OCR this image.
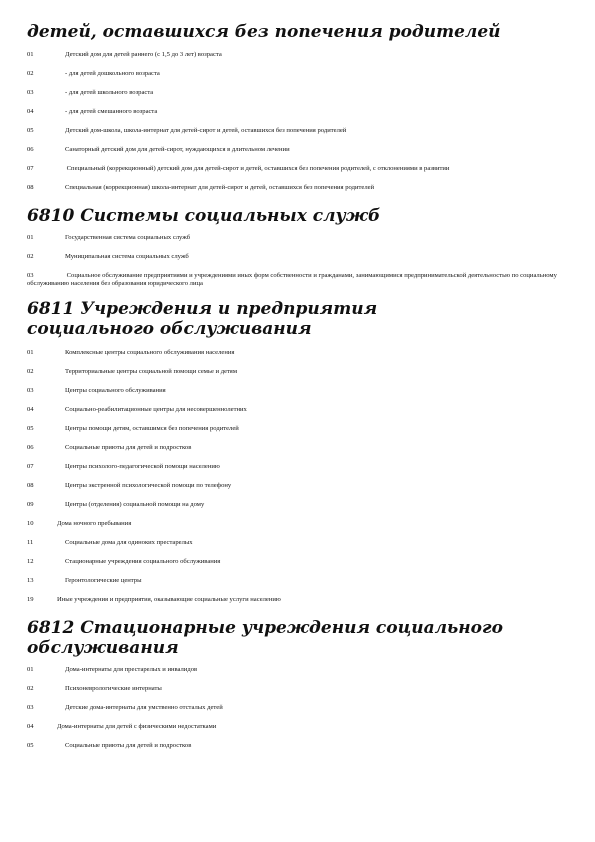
детей, оставшихся без попечения родителей
01	Детский дом для детей раннего (с 1,5 до 3 лет) возраста
02	- для детей дошкольного возраста
03	- для детей школьного возраста
04	- для детей смешанного возраста
05	Детский дом-школа, школа-интернат для детей-сирот и детей, оставшихся без попечения родителей
06	Санаторный детский дом для детей-сирот, нуждающихся в длительном лечении
07	Специальный (коррекционный) детский дом для детей-сирот и детей, оставшихся без попечения родителей, с отклонениями в развитии
08	Специальная (коррекционная) школа-интернат для детей-сирот и детей, оставшихся без попечения родителей
6810 Системы социальных служб
01	Государственная система социальных служб
02	Муниципальная система социальных служб
03	Социальное обслуживание предприятиями и учреждениями иных форм собственности и гражданами, занимающимися предпринимательской деятельностью по социальному обслуживанию населения без образования юридического лица
6811 Учреждения и предприятия социального обслуживания
01	Комплексные центры социального обслуживания населения
02	Территориальные центры социальной помощи семье и детям
03	Центры социального обслуживания
04	Социально-реабилитационные центры для несовершеннолетних
05	Центры помощи детям, оставшимся без попечения родителей
06	Социальные приюты для детей и подростков
07	Центры психолого-педагогической помощи населению
08	Центры экстренной психологической помощи по телефону
09	Центры (отделения) социальной помощи на дому
10	Дома ночного пребывания
11	Социальные дома для одиноких престарелых
12	Стационарные учреждения социального обслуживания
13	Геронтологические центры
19	Иные учреждения и предприятия, оказывающие социальные услуги населению
6812 Стационарные учреждения социального обслуживания
01	Дома-интернаты для престарелых и инвалидов
02	Психоневрологические интернаты
03	Детские дома-интернаты для умственно отсталых детей
04	Дома-интернаты для детей с физическими недостатками
05	Социальные приюты для детей и подростков
